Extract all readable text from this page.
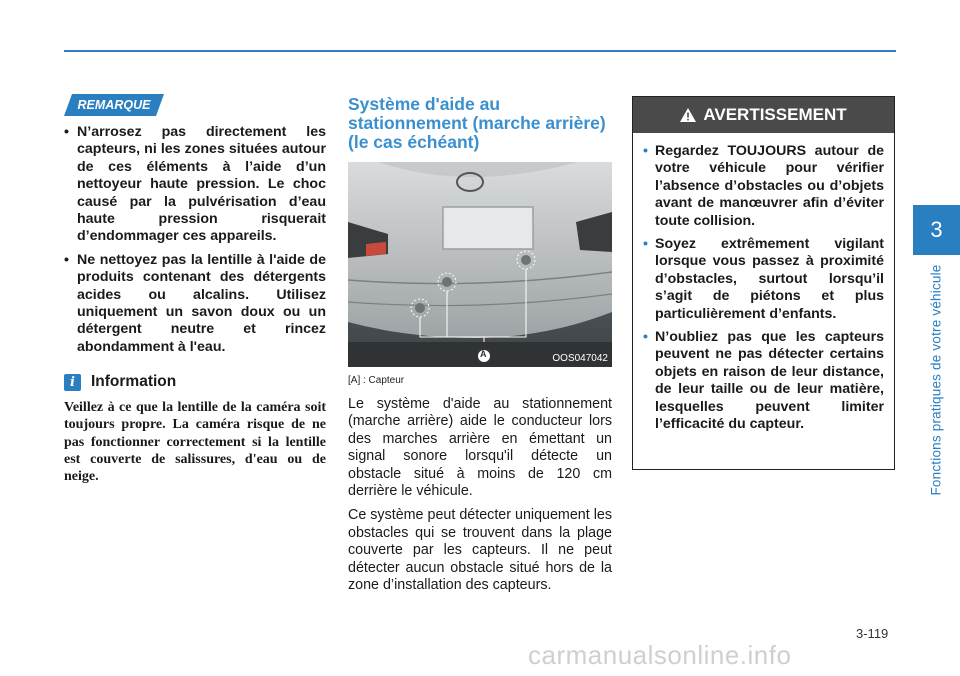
3
Fonctions pratiques de votre véhicule
REMARQUE
• N’arrosez pas directement les capteurs, ni les zones situées autour de ces éléments à l’aide d’un nettoyeur haute pression. Le choc causé par la pulvérisation d’eau haute pression risquerait d’endommager ces appareils.
• Ne nettoyez pas la lentille à l'aide de produits contenant des détergents acides ou alcalins. Utilisez uniquement un savon doux ou un détergent neutre et rincez abondamment à l'eau.
i	Information
Veillez à ce que la lentille de la caméra soit toujours propre. La caméra risque de ne pas fonctionner correctement si la lentille est couverte de salissures, d'eau ou de neige.
Système d'aide au
stationnement (marche arrière)
(le cas échéant)
A	OOS047042
[A] : Capteur

Le système d'aide au stationnement (marche arrière) aide le conducteur lors des marches arrière en émettant un signal sonore lorsqu'il détecte un obstacle situé à moins de 120 cm derrière le véhicule.

Ce système peut détecter uniquement les obstacles qui se trouvent dans la plage couverte par les capteurs. Il ne peut détecter aucun obstacle situé hors de la zone d’installation des capteurs.

AVERTISSEMENT
• Regardez TOUJOURS autour de votre véhicule pour vérifier l’absence d’obstacles ou d’objets avant de manœuvrer afin d’éviter toute collision.
• Soyez extrêmement vigilant lorsque vous passez à proximité d’obstacles, surtout lorsqu’il s’agit de piétons et plus particulièrement d’enfants.
• N’oubliez pas que les capteurs peuvent ne pas détecter certains objets en raison de leur distance, de leur taille ou de leur matière, lesquelles peuvent limiter l’efficacité du capteur.
3-119
carmanualsonline.info
